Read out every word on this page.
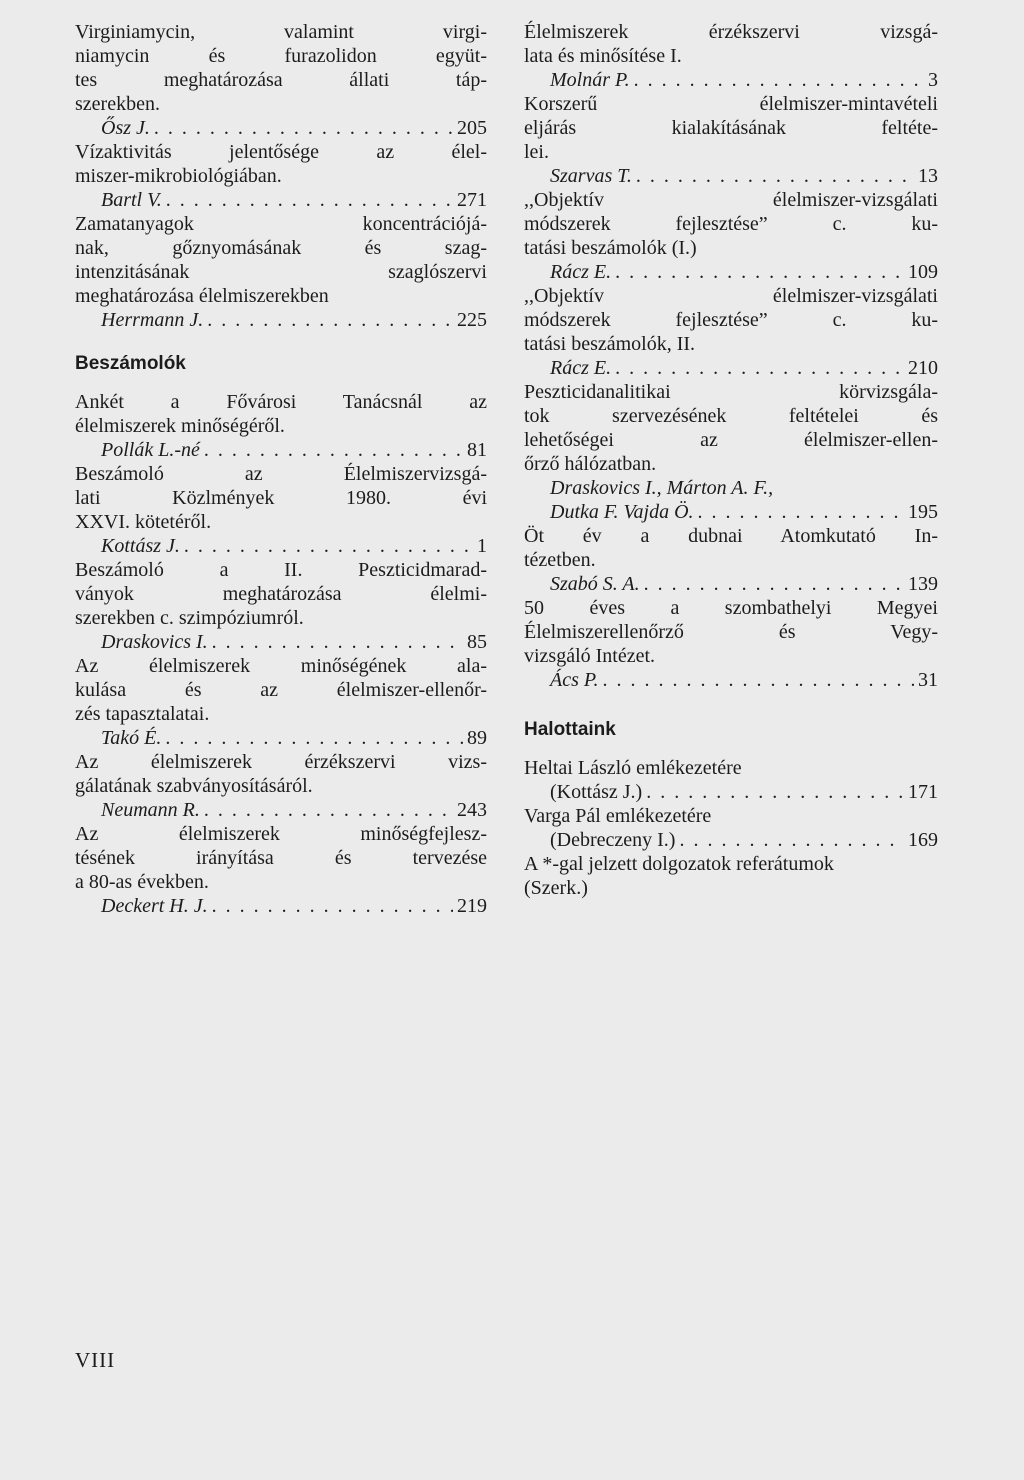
Virginiamycin, valamint virgi-
niamycin és furazolidon együt-
tes meghatározása állati táp-
szerekben.
Ősz J. . . .	205
Vízaktivitás jelentősége az élel-
miszer-mikrobiológiában.
Bartl V. . . .	271
Zamatanyagok koncentrációjá-
nak, gőznyomásának és szag-
intenzitásának szaglószervi
meghatározása élelmiszerekben
Herrmann J. . . .	225
Beszámolók
Ankét a Fővárosi Tanácsnál az
élelmiszerek minőségéről.
Pollák L.-né . . .	81
Beszámoló az Élelmiszervizsgá-
lati Közlmények 1980. évi
XXVI. kötetéről.
Kottász J. . . .	1
Beszámoló a II. Peszticidmarad-
ványok meghatározása élelmi-
szerekben c. szimpóziumról.
Draskovics I. . . .	85
Az élelmiszerek minőségének ala-
kulása és az élelmiszer-ellenőr-
zés tapasztalatai.
Takó É. . . .	89
Az élelmiszerek érzékszervi vizs-
gálatának szabványosításáról.
Neumann R. . . .	243
Az élelmiszerek minőségfejlesz-
tésének irányítása és tervezése
a 80-as években.
Deckert H. J. . . .	219
Élelmiszerek érzékszervi vizsgá-
lata és minősítése I.
Molnár P. . . .	3
Korszerű élelmiszer-mintavételi
eljárás kialakításának feltéte-
lei.
Szarvas T. . . .	13
,,Objektív élelmiszer-vizsgálati
módszerek fejlesztése” c. ku-
tatási beszámolók (I.)
Rácz E. . . .	109
,,Objektív élelmiszer-vizsgálati
módszerek fejlesztése” c. ku-
tatási beszámolók, II.
Rácz E. . . .	210
Peszticidanalitikai körvizsgála-
tok szervezésének feltételei és
lehetőségei az élelmiszer-ellen-
őrző hálózatban.
Draskovics I., Márton A. F.,
Dutka F. Vajda Ö. . . .	195
Öt év a dubnai Atomkutató In-
tézetben.
Szabó S. A. . . .	139
50 éves a szombathelyi Megyei
Élelmiszerellenőrző és Vegy-
vizsgáló Intézet.
Ács P. . . .	31
Halottaink
Heltai László emlékezetére
(Kottász J.) . . .	171
Varga Pál emlékezetére
(Debreczeny I.) . . .	169
A *-gal jelzett dolgozatok referátumok
(Szerk.)
VIII
